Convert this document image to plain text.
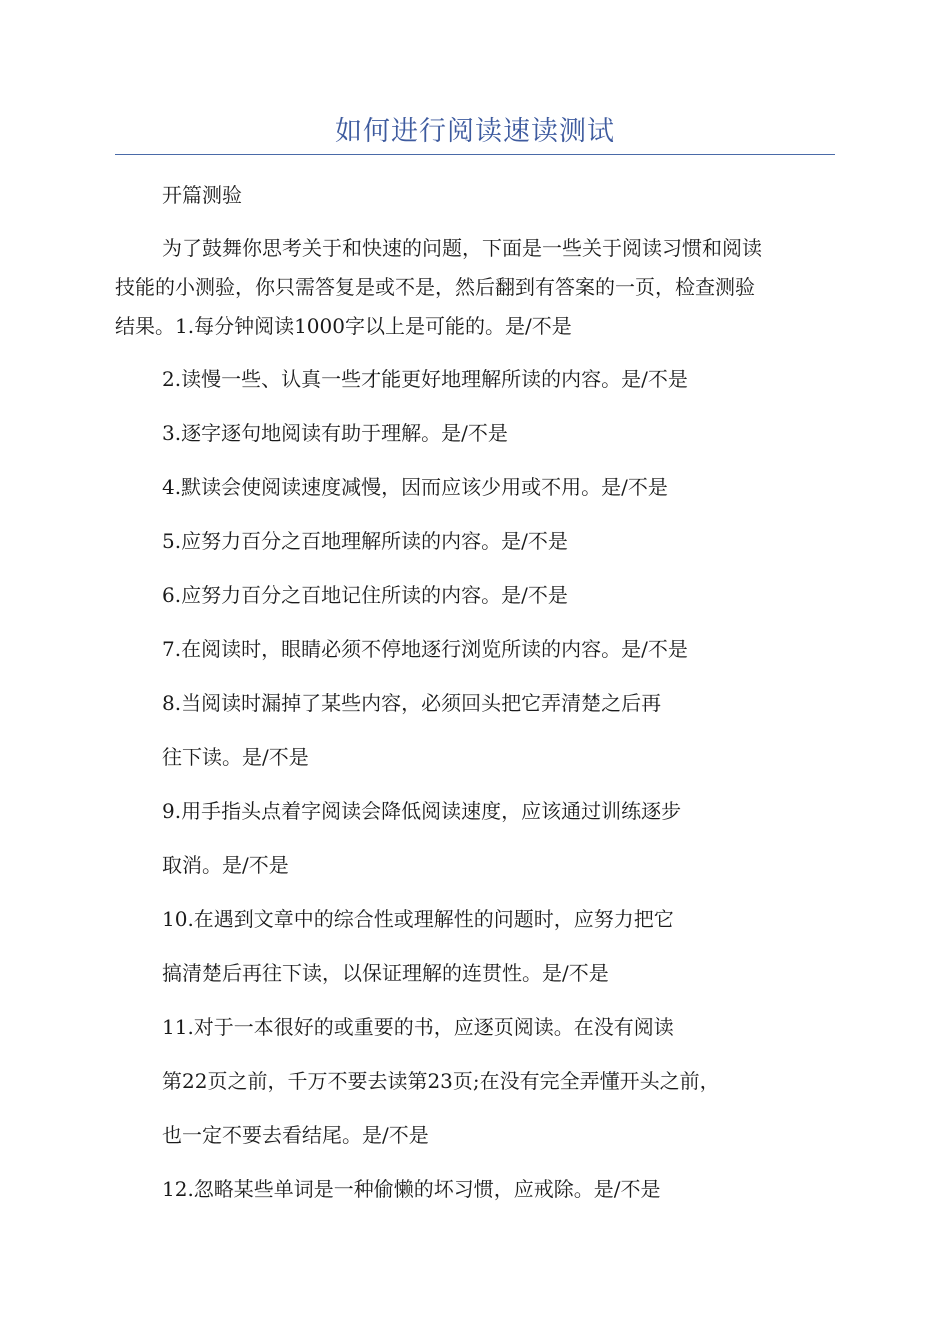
如何进行阅读速读测试
开篇测验
为了鼓舞你思考关于和快速的问题，下面是一些关于阅读习惯和阅读
技能的小测验，你只需答复是或不是，然后翻到有答案的一页，检查测验
结果。1.每分钟阅读1000字以上是可能的。是/不是
2.读慢一些、认真一些才能更好地理解所读的内容。是/不是
3.逐字逐句地阅读有助于理解。是/不是
4.默读会使阅读速度减慢，因而应该少用或不用。是/不是
5.应努力百分之百地理解所读的内容。是/不是
6.应努力百分之百地记住所读的内容。是/不是
7.在阅读时，眼睛必须不停地逐行浏览所读的内容。是/不是
8.当阅读时漏掉了某些内容，必须回头把它弄清楚之后再
往下读。是/不是
9.用手指头点着字阅读会降低阅读速度，应该通过训练逐步
取消。是/不是
10.在遇到文章中的综合性或理解性的问题时，应努力把它
搞清楚后再往下读，以保证理解的连贯性。是/不是
11.对于一本很好的或重要的书，应逐页阅读。在没有阅读
第22页之前，千万不要去读第23页;在没有完全弄懂开头之前，
也一定不要去看结尾。是/不是
12.忽略某些单词是一种偷懒的坏习惯，应戒除。是/不是
